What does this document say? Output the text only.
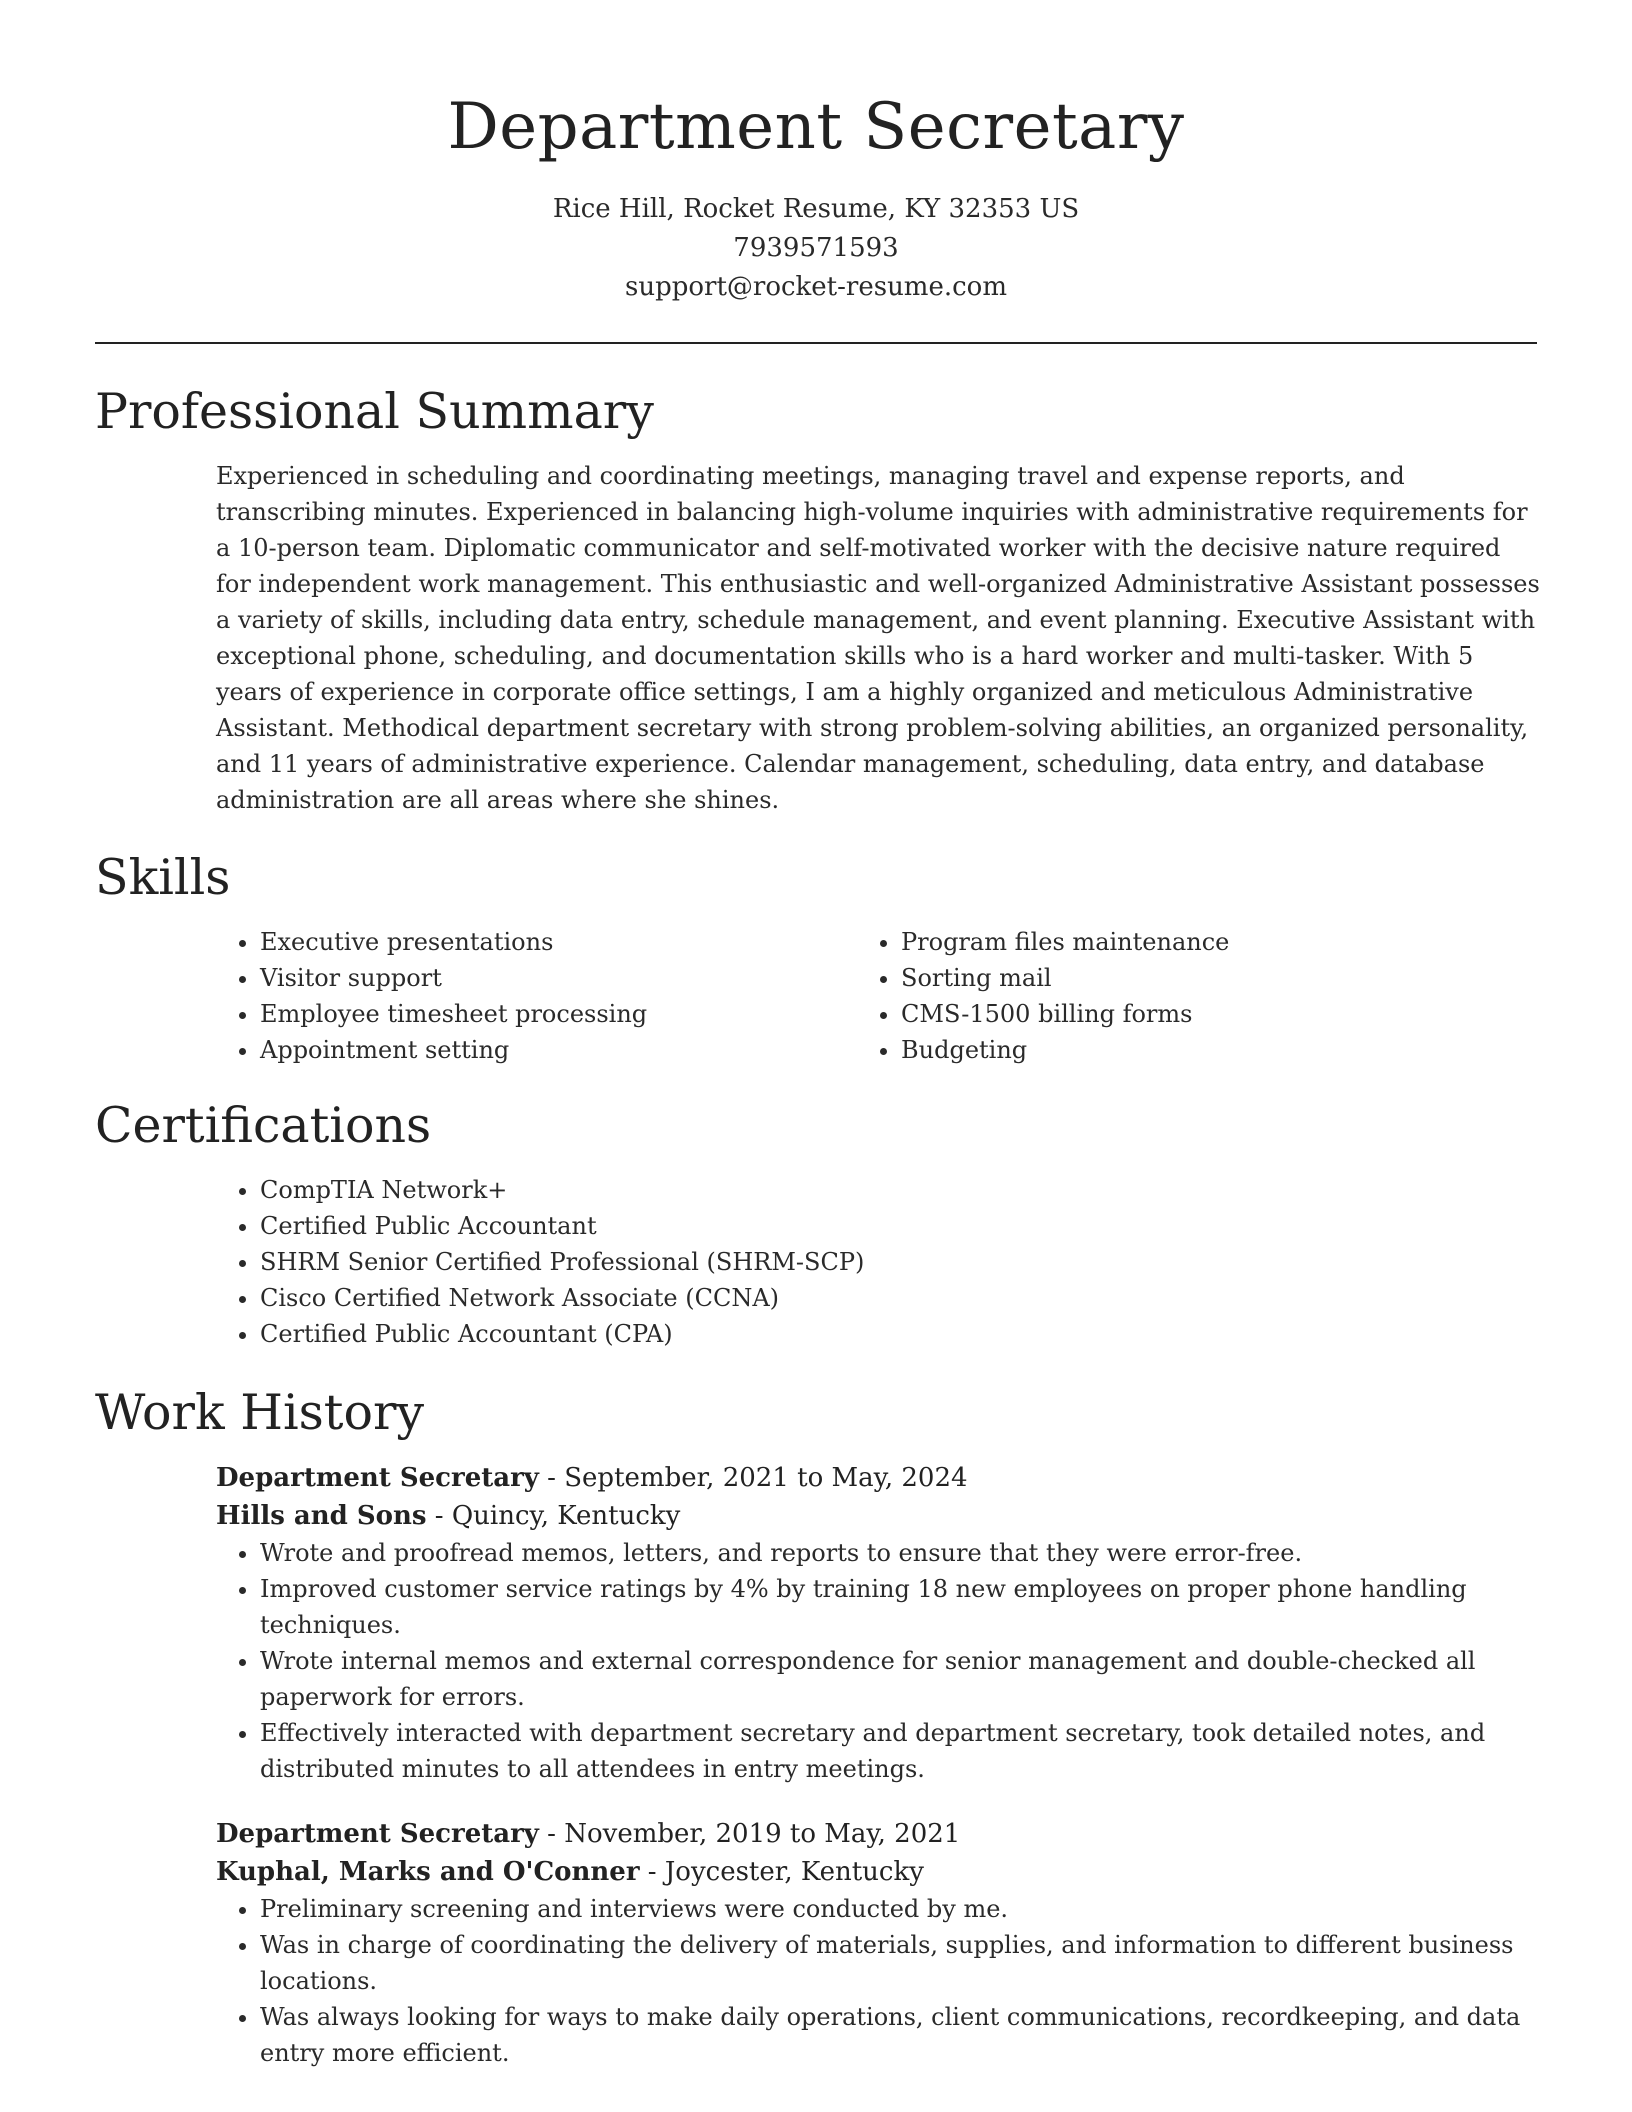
Department Secretary
Rice Hill, Rocket Resume, KY 32353 US
7939571593
support@rocket-resume.com
Professional Summary

Experienced in scheduling and coordinating meetings, managing travel and expense reports, and transcribing minutes. Experienced in balancing high-volume inquiries with administrative requirements for a 10-person team. Diplomatic communicator and self-motivated worker with the decisive nature required for independent work management. This enthusiastic and well-organized Administrative Assistant possesses a variety of skills, including data entry, schedule management, and event planning. Executive Assistant with exceptional phone, scheduling, and documentation skills who is a hard worker and multi-tasker. With 5 years of experience in corporate office settings, I am a highly organized and meticulous Administrative Assistant. Methodical department secretary with strong problem-solving abilities, an organized personality, and 11 years of administrative experience. Calendar management, scheduling, data entry, and database administration are all areas where she shines.

Skills
• Executive presentations
• Visitor support
• Employee timesheet processing
• Appointment setting
• Program files maintenance
• Sorting mail
• CMS-1500 billing forms
• Budgeting
Certifications
• CompTIA Network+
• Certified Public Accountant
• SHRM Senior Certified Professional (SHRM-SCP)
• Cisco Certified Network Associate (CCNA)
• Certified Public Accountant (CPA)
Work History
Department Secretary - September, 2021 to May, 2024
Hills and Sons - Quincy, Kentucky
• Wrote and proofread memos, letters, and reports to ensure that they were error-free.
• Improved customer service ratings by 4% by training 18 new employees on proper phone handling techniques.
• Wrote internal memos and external correspondence for senior management and double-checked all paperwork for errors.
• Effectively interacted with department secretary and department secretary, took detailed notes, and distributed minutes to all attendees in entry meetings.
Department Secretary - November, 2019 to May, 2021
Kuphal, Marks and O'Conner - Joycester, Kentucky
• Preliminary screening and interviews were conducted by me.
• Was in charge of coordinating the delivery of materials, supplies, and information to different business locations.
• Was always looking for ways to make daily operations, client communications, recordkeeping, and data entry more efficient.
